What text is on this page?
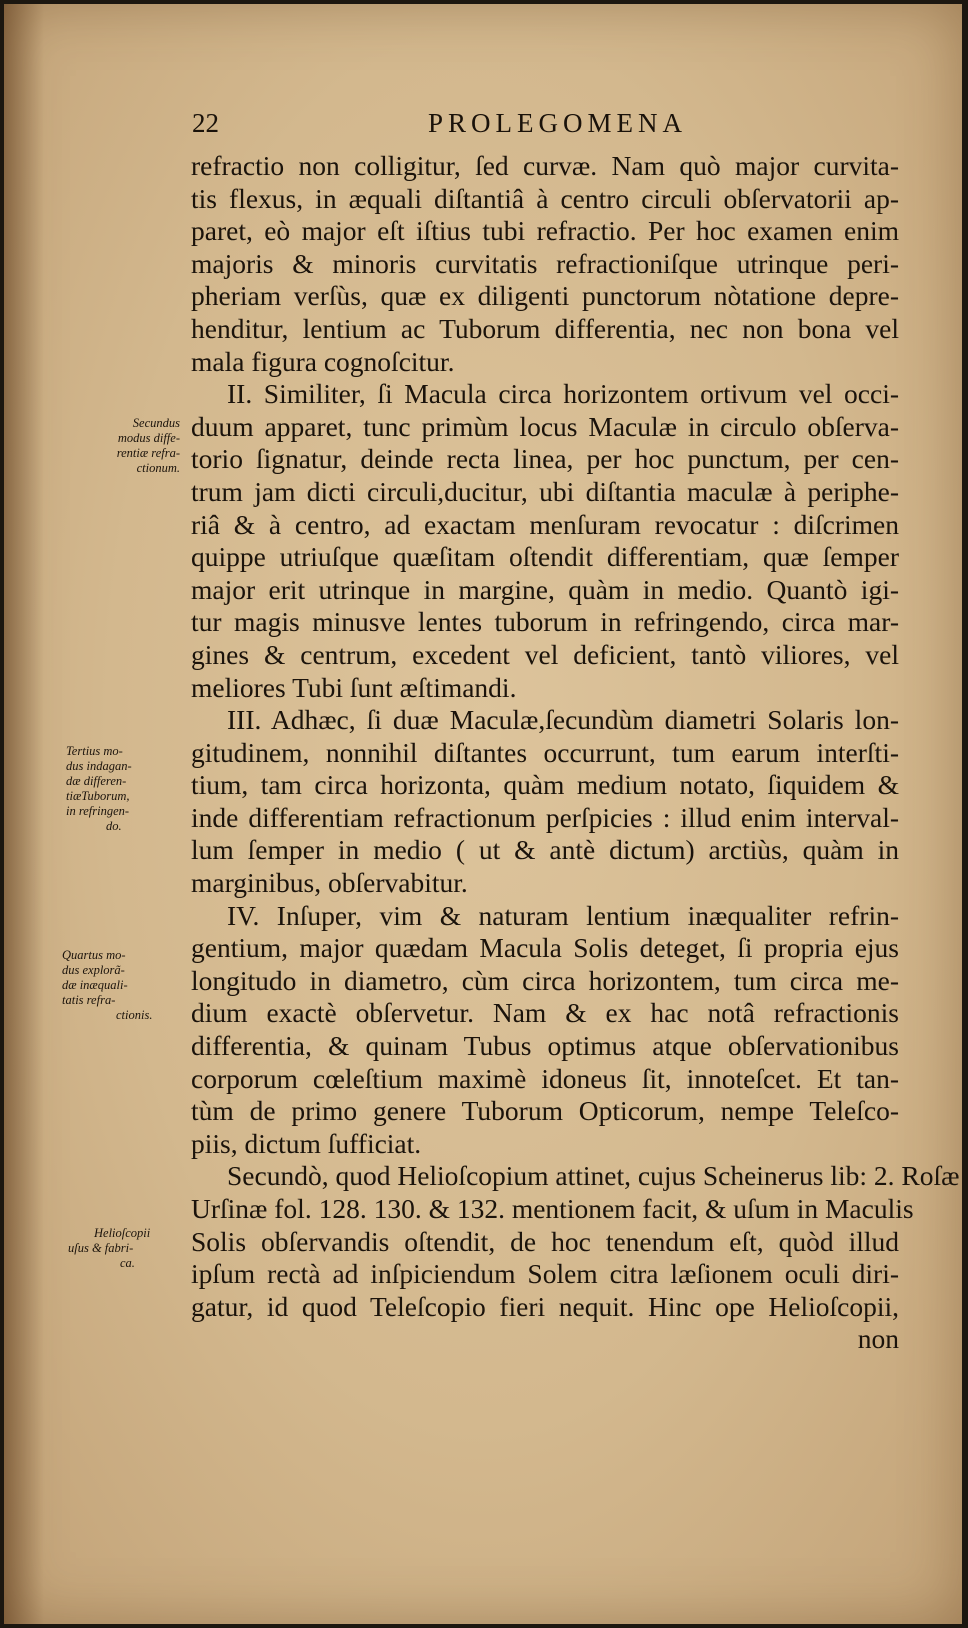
22	PROLEGOMENA
Secundus
modus diffe-
rentiæ refra-
ctionum.
Tertius mo-
dus indagan-
dæ differen-
tiæTuborum,
in refringen-
do.
Quartus mo-
dus explorã-
dæ inæquali-
tatis refra-
ctionis.
Helioſcopii
uſus & fabri-
ca.
refractio non colligitur, ſed curvæ. Nam quò major curvita-
tis flexus, in æquali diſtantiâ à centro circuli obſervatorii ap-
paret, eò major eſt iſtius tubi refractio. Per hoc examen enim
majoris & minoris curvitatis refractioniſque utrinque peri-
pheriam verſùs, quæ ex diligenti punctorum nòtatione depre-
henditur, lentium ac Tuborum differentia, nec non bona vel
mala figura cognoſcitur.
II. Similiter, ſi Macula circa horizontem ortivum vel occi-
duum apparet, tunc primùm locus Maculæ in circulo obſerva-
torio ſignatur, deinde recta linea, per hoc punctum, per cen-
trum jam dicti circuli,ducitur, ubi diſtantia maculæ à periphe-
riâ & à centro, ad exactam menſuram revocatur : diſcrimen
quippe utriuſque quæſitam oſtendit differentiam, quæ ſemper
major erit utrinque in margine, quàm in medio. Quantò igi-
tur magis minusve lentes tuborum in refringendo, circa mar-
gines & centrum, excedent vel deficient, tantò viliores, vel
meliores Tubi ſunt æſtimandi.
III. Adhæc, ſi duæ Maculæ,ſecundùm diametri Solaris lon-
gitudinem, nonnihil diſtantes occurrunt, tum earum interſti-
tium, tam circa horizonta, quàm medium notato, ſiquidem &
inde differentiam refractionum perſpicies : illud enim interval-
lum ſemper in medio ( ut & antè dictum) arctiùs, quàm in
marginibus, obſervabitur.
IV. Inſuper, vim & naturam lentium inæqualiter refrin-
gentium, major quædam Macula Solis deteget, ſi propria ejus
longitudo in diametro, cùm circa horizontem, tum circa me-
dium exactè obſervetur. Nam & ex hac notâ refractionis
differentia, & quinam Tubus optimus atque obſervationibus
corporum cœleſtium maximè idoneus ſit, innoteſcet. Et tan-
tùm de primo genere Tuborum Opticorum, nempe Teleſco-
piis, dictum ſufficiat.
Secundò, quod Helioſcopium attinet, cujus Scheinerus lib: 2. Roſæ
Urſinæ fol. 128. 130. & 132. mentionem facit, & uſum in Maculis
Solis obſervandis oſtendit, de hoc tenendum eſt, quòd illud
ipſum rectà ad inſpiciendum Solem citra læſionem oculi diri-
gatur, id quod Teleſcopio fieri nequit. Hinc ope Helioſcopii,
non
